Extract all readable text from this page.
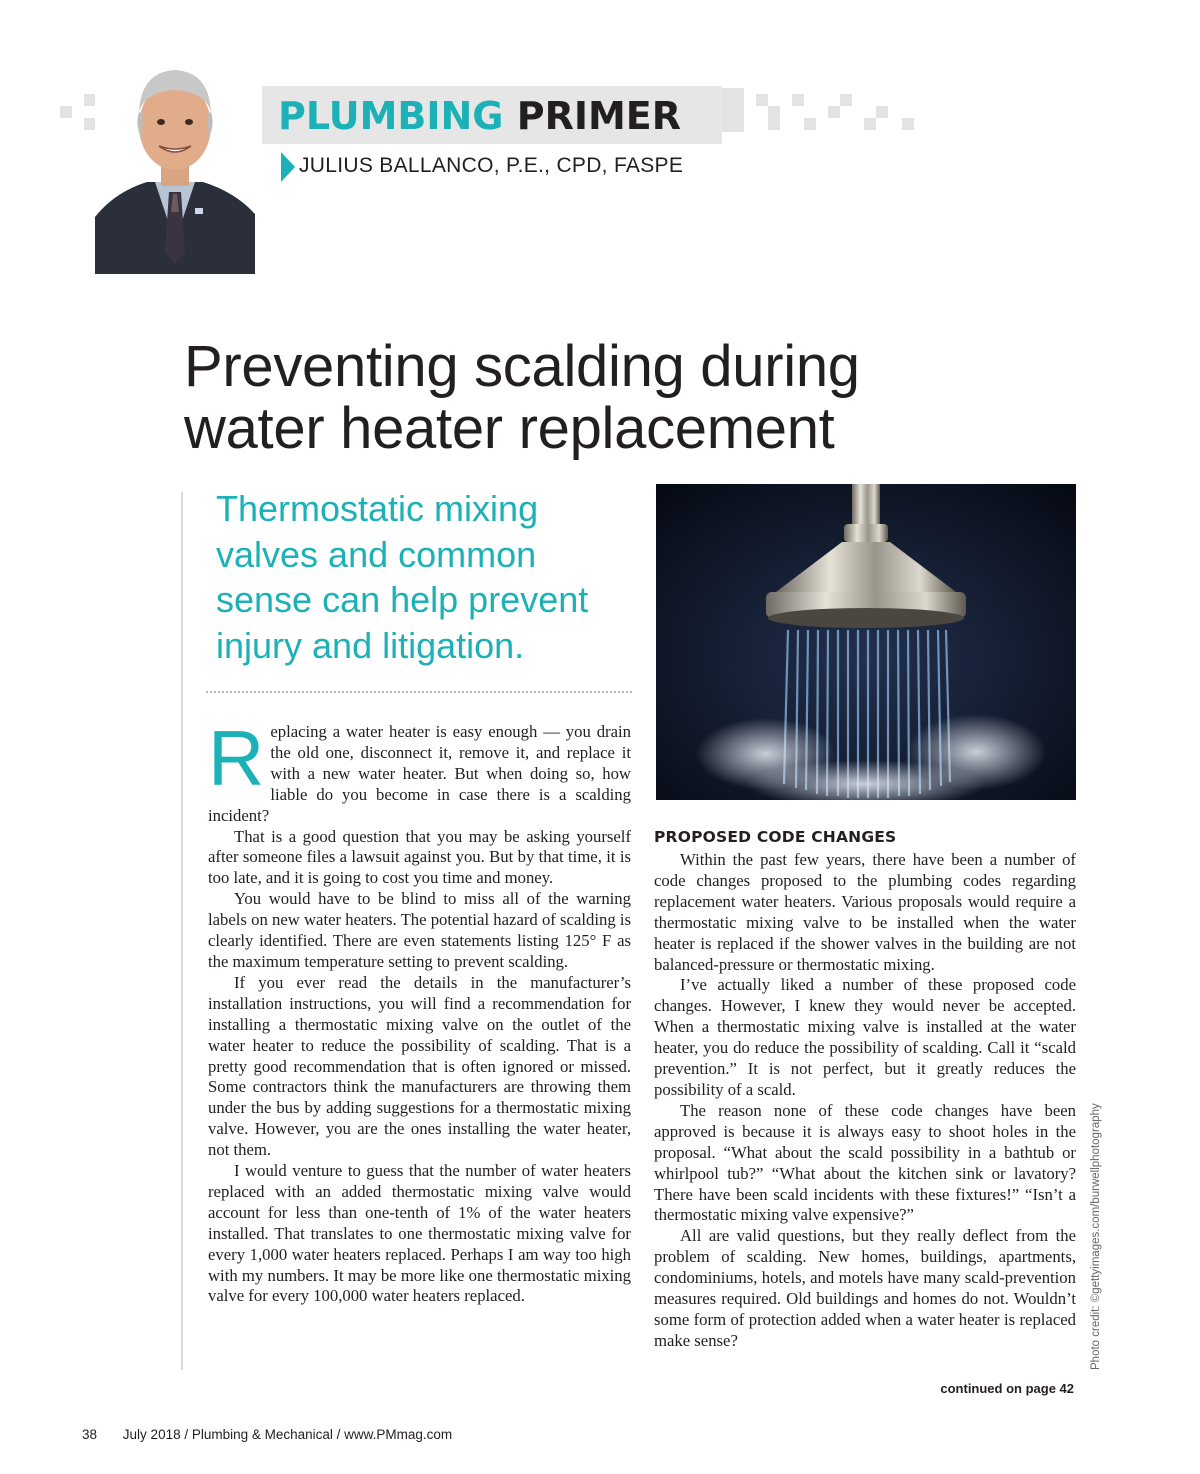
PLUMBING PRIMER
JULIUS BALLANCO, P.E., CPD, FASPE
Preventing scalding during
water heater replacement

Thermostatic mixing valves and common sense can help prevent injury and litigation.

Replacing a water heater is easy enough — you drain the old one, disconnect it, remove it, and replace it with a new water heater. But when doing so, how liable do you become in case there is a scalding incident?

That is a good question that you may be asking yourself after someone files a lawsuit against you. But by that time, it is too late, and it is going to cost you time and money.

You would have to be blind to miss all of the warning labels on new water heaters. The potential hazard of scalding is clearly identified. There are even statements listing 125° F as the maximum temperature setting to prevent scalding.

If you ever read the details in the manufacturer’s installation instructions, you will find a recommendation for installing a thermostatic mixing valve on the outlet of the water heater to reduce the possibility of scalding. That is a pretty good recommendation that is often ignored or missed. Some contractors think the manufacturers are throwing them under the bus by adding suggestions for a thermostatic mixing valve. However, you are the ones installing the water heater, not them.

I would venture to guess that the number of water heaters replaced with an added thermostatic mixing valve would account for less than one-tenth of 1% of the water heaters installed. That translates to one thermostatic mixing valve for every 1,000 water heaters replaced. Perhaps I am way too high with my numbers. It may be more like one thermostatic mixing valve for every 100,000 water heaters replaced.

PROPOSED CODE CHANGES

Within the past few years, there have been a number of code changes proposed to the plumbing codes regarding replacement water heaters. Various proposals would require a thermostatic mixing valve to be installed when the water heater is replaced if the shower valves in the building are not balanced-pressure or thermostatic mixing.

I’ve actually liked a number of these proposed code changes. However, I knew they would never be accepted. When a thermostatic mixing valve is installed at the water heater, you do reduce the possibility of scalding. Call it “scald prevention.” It is not perfect, but it greatly reduces the possibility of a scald.

The reason none of these code changes have been approved is because it is always easy to shoot holes in the proposal. “What about the scald possibility in a bathtub or whirlpool tub?” “What about the kitchen sink or lavatory? There have been scald incidents with these fixtures!” “Isn’t a thermostatic mixing valve expensive?”

All are valid questions, but they really deflect from the problem of scalding. New homes, buildings, apartments, condominiums, hotels, and motels have many scald-prevention measures required. Old buildings and homes do not. Wouldn’t some form of protection added when a water heater is replaced make sense?	Photo credit: ©gettyimages.com/burwellphotography
continued on page 42
38 July 2018 / Plumbing & Mechanical / www.PMmag.com
